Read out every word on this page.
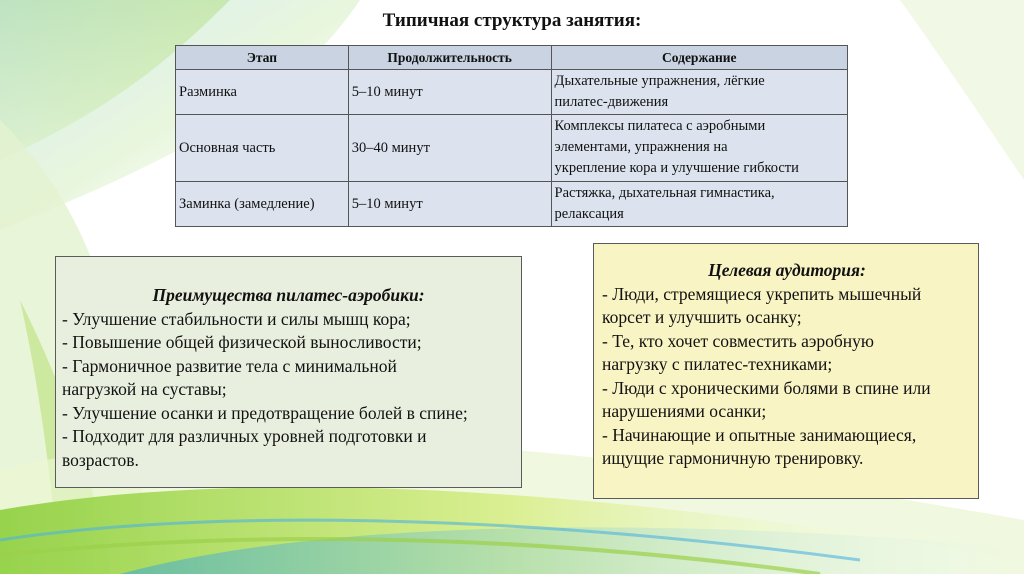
Типичная структура занятия:
Этап	Продолжительность	Содержание
Разминка	5–10 минут	Дыхательные упражнения, лёгкие
пилатес-движения

Основная часть	30–40 минут	Комплексы пилатеса с аэробными
элементами, упражнения на
укрепление кора и улучшение гибкости

Заминка (замедление)	5–10 минут	Растяжка, дыхательная гимнастика,
релаксация
Преимущества пилатес-аэробики:
- Улучшение стабильности и силы мышц кора;
- Повышение общей физической выносливости;
- Гармоничное развитие тела с минимальной
нагрузкой на суставы;
- Улучшение осанки и предотвращение болей в спине;
- Подходит для различных уровней подготовки и
возрастов.
Целевая аудитория:
- Люди, стремящиеся укрепить мышечный
корсет и улучшить осанку;
- Те, кто хочет совместить аэробную
нагрузку с пилатес-техниками;
- Люди с хроническими болями в спине или
нарушениями осанки;
- Начинающие и опытные занимающиеся,
ищущие гармоничную тренировку.
